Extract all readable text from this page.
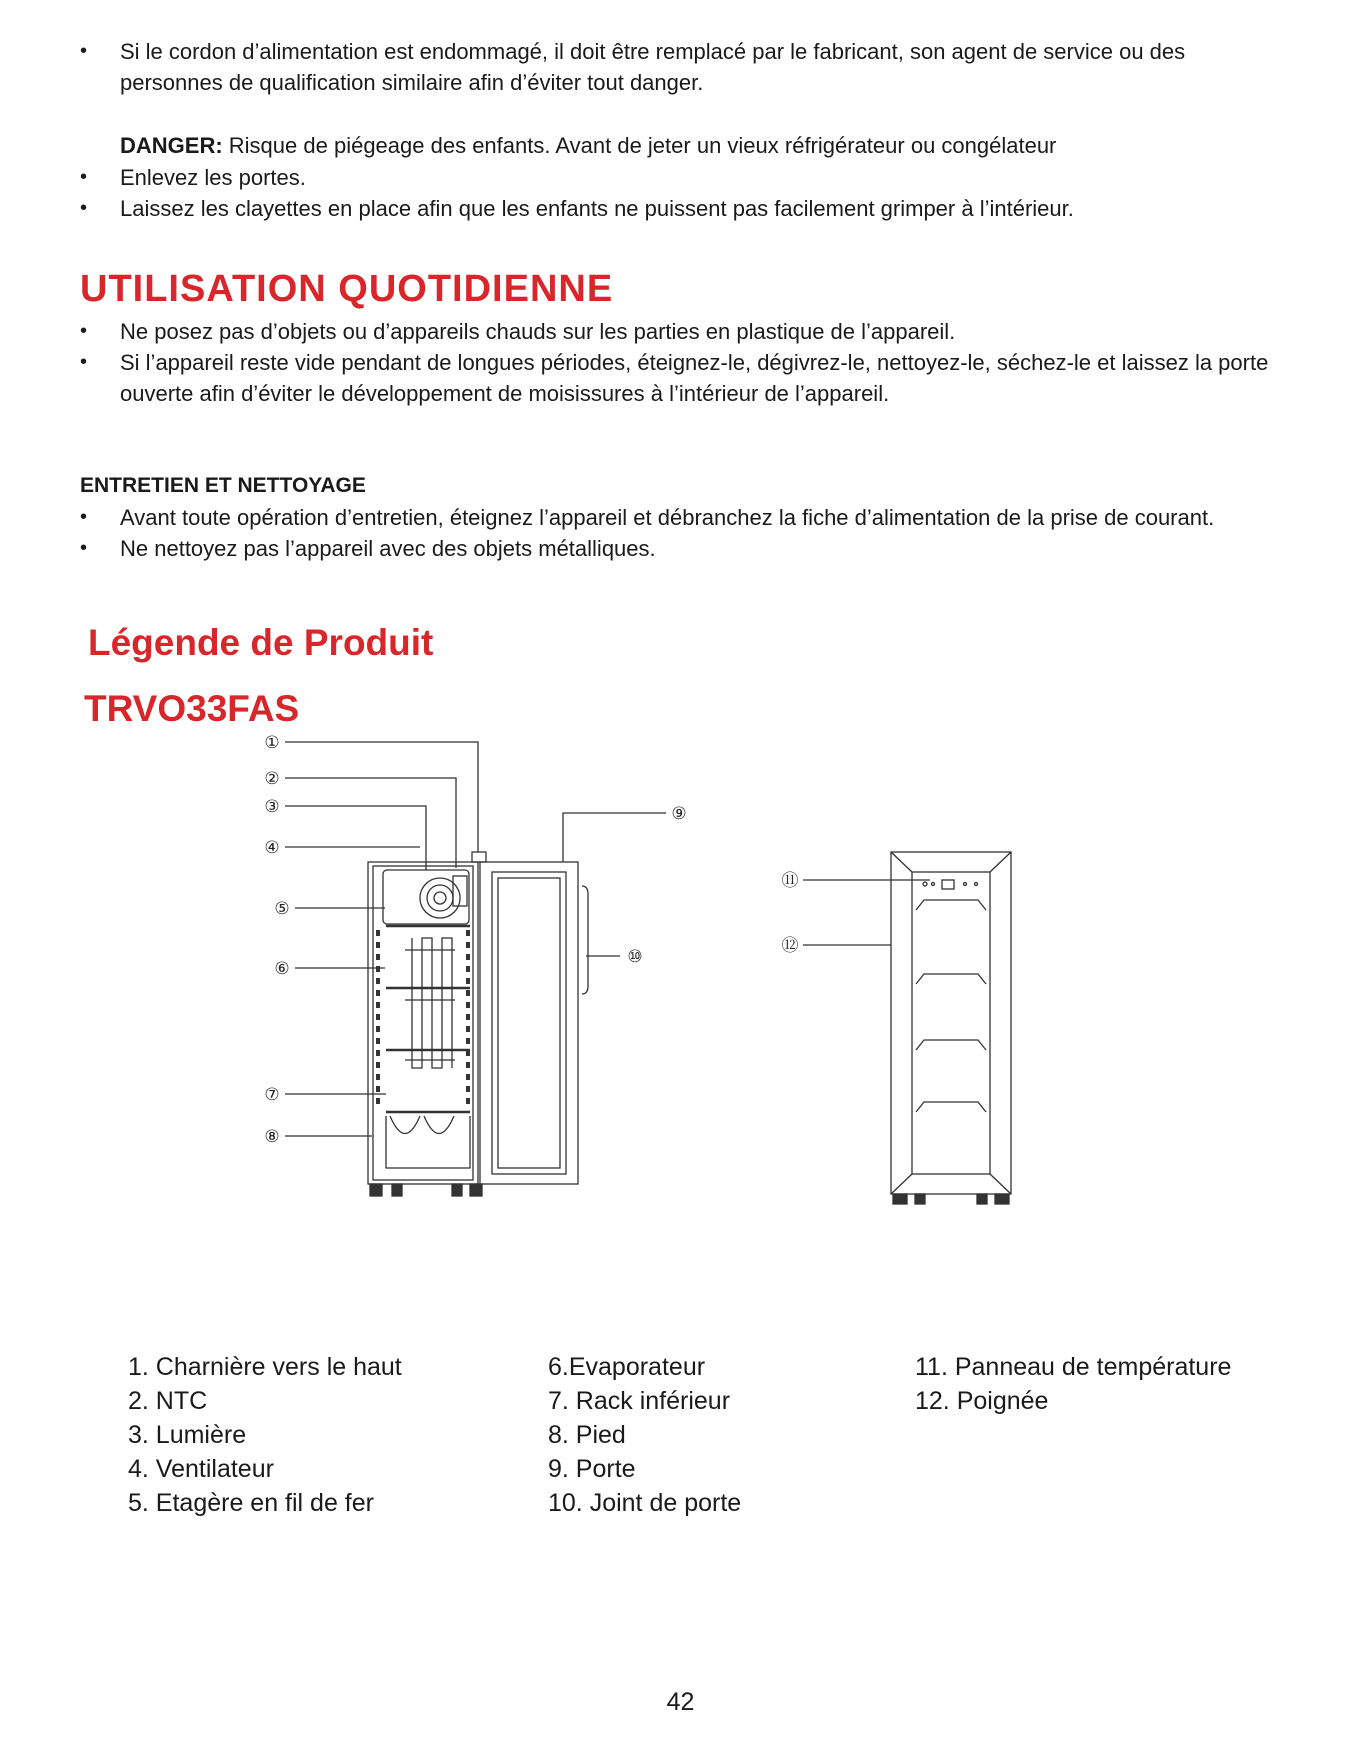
• Si le cordon d’alimentation est endommagé, il doit être remplacé par le fabricant, son agent de service ou des personnes de qualification similaire afin d’éviter tout danger.
DANGER: Risque de piégeage des enfants. Avant de jeter un vieux réfrigérateur ou congélateur
• Enlevez les portes.
• Laissez les clayettes en place afin que les enfants ne puissent pas facilement grimper à l’intérieur.
UTILISATION QUOTIDIENNE
• Ne posez pas d’objets ou d’appareils chauds sur les parties en plastique de l’appareil.
• Si l’appareil reste vide pendant de longues périodes, éteignez-le, dégivrez-le, nettoyez-le, séchez-le et laissez la porte ouverte afin d’éviter le développement de moisissures à l’intérieur de l’appareil.
ENTRETIEN ET NETTOYAGE
• Avant toute opération d’entretien, éteignez l’appareil et débranchez la fiche d’alimentation de la prise de courant.
• Ne nettoyez pas l’appareil avec des objets métalliques.
Légende de Produit
TRVO33FAS
①
②
③
④
⑤
⑥
⑦
⑧
⑨
⑩
⑪
⑫
1. Charnière vers le haut
2. NTC
3. Lumière
4. Ventilateur
5. Etagère en fil de fer
6.Evaporateur
7. Rack inférieur
8. Pied
9. Porte
10. Joint de porte
11. Panneau de température
12. Poignée
42
